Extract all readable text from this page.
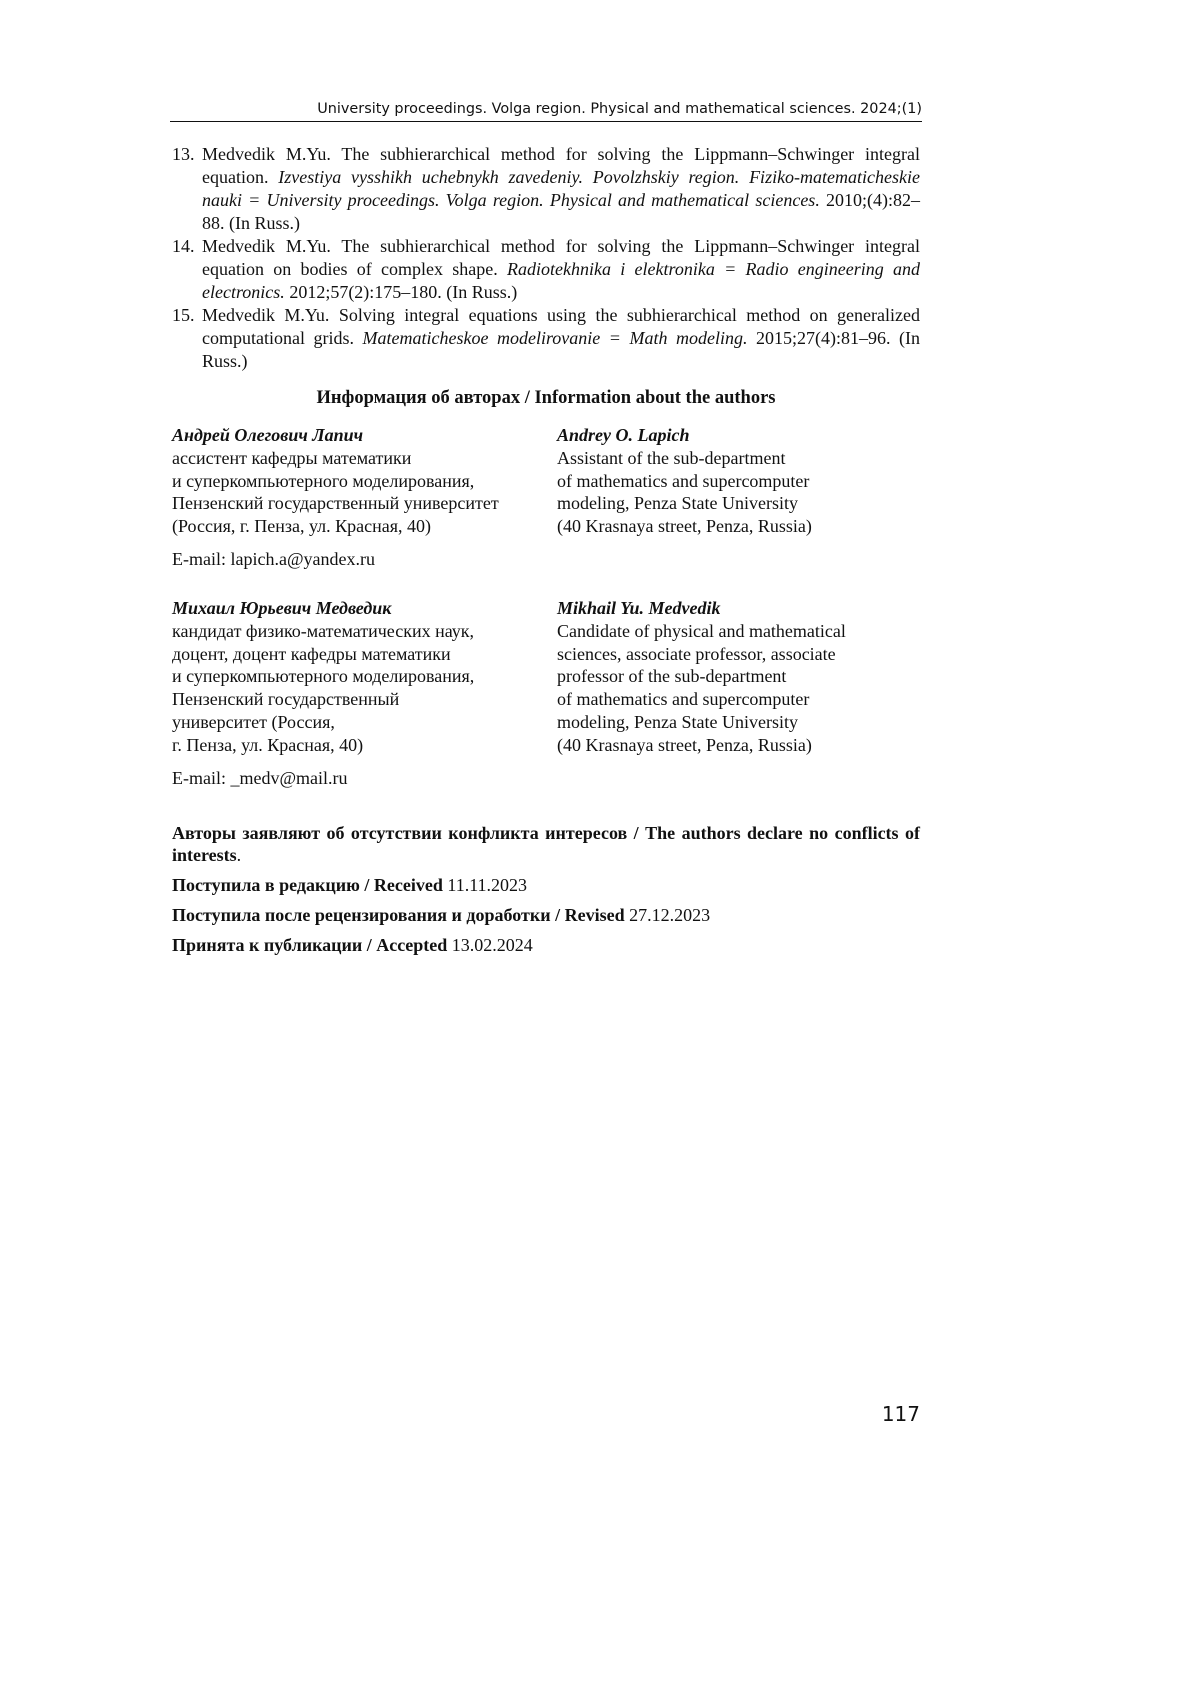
University proceedings. Volga region. Physical and mathematical sciences. 2024;(1)
13. Medvedik M.Yu. The subhierarchical method for solving the Lippmann–Schwinger integral equation. Izvestiya vysshikh uchebnykh zavedeniy. Povolzhskiy region. Fiziko-matematicheskie nauki = University proceedings. Volga region. Physical and mathematical sciences. 2010;(4):82–88. (In Russ.)
14. Medvedik M.Yu. The subhierarchical method for solving the Lippmann–Schwinger integral equation on bodies of complex shape. Radiotekhnika i elektronika = Radio engineering and electronics. 2012;57(2):175–180. (In Russ.)
15. Medvedik M.Yu. Solving integral equations using the subhierarchical method on generalized computational grids. Matematicheskoe modelirovanie = Math modeling. 2015;27(4):81–96. (In Russ.)
Информация об авторах / Information about the authors
Андрей Олегович Лапич
ассистент кафедры математики
и суперкомпьютерного моделирования,
Пензенский государственный университет
(Россия, г. Пенза, ул. Красная, 40)
Andrey O. Lapich
Assistant of the sub-department
of mathematics and supercomputer
modeling, Penza State University
(40 Krasnaya street, Penza, Russia)
E-mail: lapich.a@yandex.ru
Михаил Юрьевич Медведик
кандидат физико-математических наук,
доцент, доцент кафедры математики
и суперкомпьютерного моделирования,
Пензенский государственный
университет (Россия,
г. Пенза, ул. Красная, 40)
Mikhail Yu. Medvedik
Candidate of physical and mathematical
sciences, associate professor, associate
professor of the sub-department
of mathematics and supercomputer
modeling, Penza State University
(40 Krasnaya street, Penza, Russia)
E-mail: _medv@mail.ru

Авторы заявляют об отсутствии конфликта интересов / The authors declare no conflicts of interests.

Поступила в редакцию / Received 11.11.2023

Поступила после рецензирования и доработки / Revised 27.12.2023

Принята к публикации / Accepted 13.02.2024

117
